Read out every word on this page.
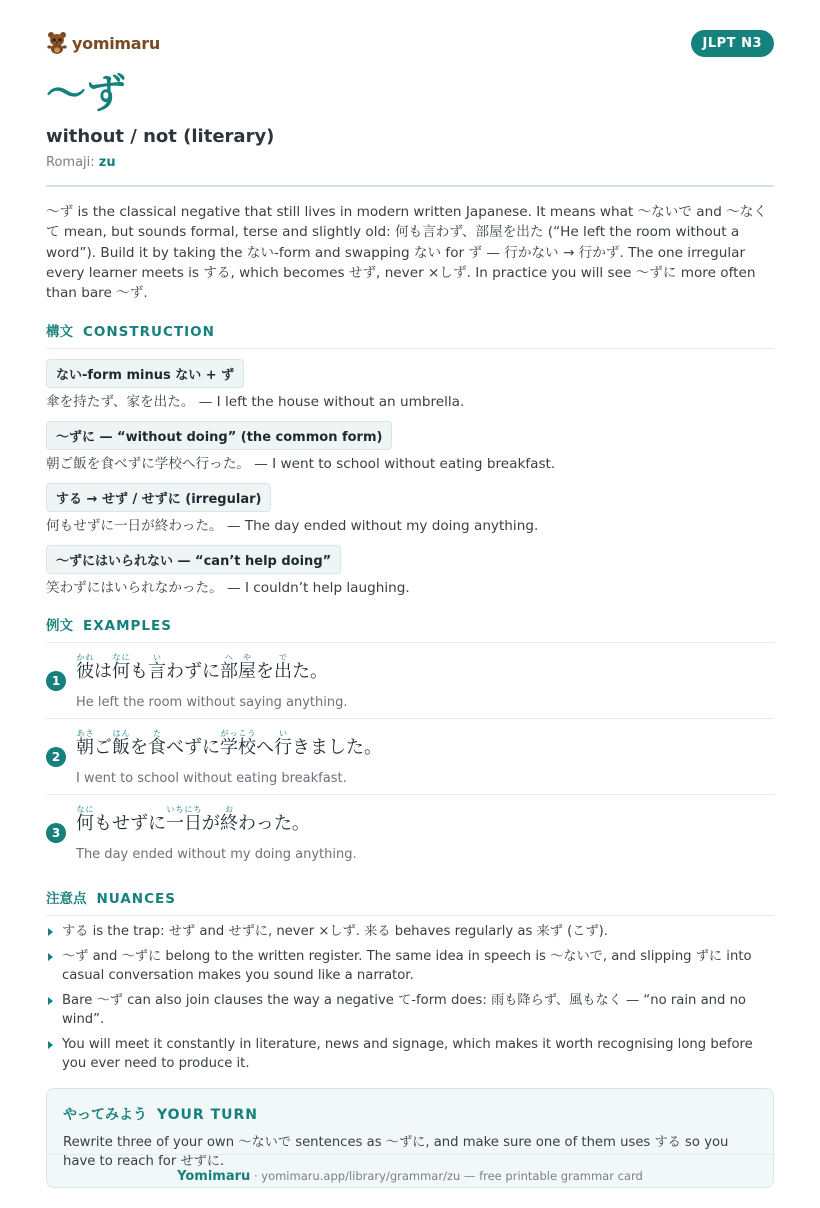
yomimaru	JLPT N3
〜ず
without / not (literary)
Romaji: zu

〜ず is the classical negative that still lives in modern written Japanese. It means what 〜ないで and 〜なくて mean, but sounds formal, terse and slightly old: 何も言わず、部屋を出た (“He left the room without a word”). Build it by taking the ない-form and swapping ない for ず — 行かない → 行かず. The one irregular every learner meets is する, which becomes せず, never ×しず. In practice you will see 〜ずに more often than bare 〜ず.

構文 CONSTRUCTION
ない-form minus ない + ず
傘を持たず、家を出た。 — I left the house without an umbrella.
〜ずに — “without doing” (the common form)
朝ご飯を食べずに学校へ行った。 — I went to school without eating breakfast.
する → せず / せずに (irregular)
何もせずに一日が終わった。 — The day ended without my doing anything.
〜ずにはいられない — “can’t help doing”
笑わずにはいられなかった。 — I couldn’t help laughing.
例文 EXAMPLES
1 彼かれは何なにも言いわずに部へ屋やを出でた。
He left the room without saying anything.
2 朝あさご飯はんを食たべずに学校がっこうへ行いきました。
I went to school without eating breakfast.
3 何なにもせずに一日いちにちが終おわった。
The day ended without my doing anything.
注意点 NUANCES
する is the trap: せず and せずに, never ×しず. 来る behaves regularly as 来ず (こず).
〜ず and 〜ずに belong to the written register. The same idea in speech is 〜ないで, and slipping ずに into casual conversation makes you sound like a narrator.
Bare 〜ず can also join clauses the way a negative て-form does: 雨も降らず、風もなく — “no rain and no wind”.
You will meet it constantly in literature, news and signage, which makes it worth recognising long before you ever need to produce it.
やってみよう YOUR TURN
Rewrite three of your own 〜ないで sentences as 〜ずに, and make sure one of them uses する so you have to reach for せずに.
Yomimaru · yomimaru.app/library/grammar/zu — free printable grammar card
